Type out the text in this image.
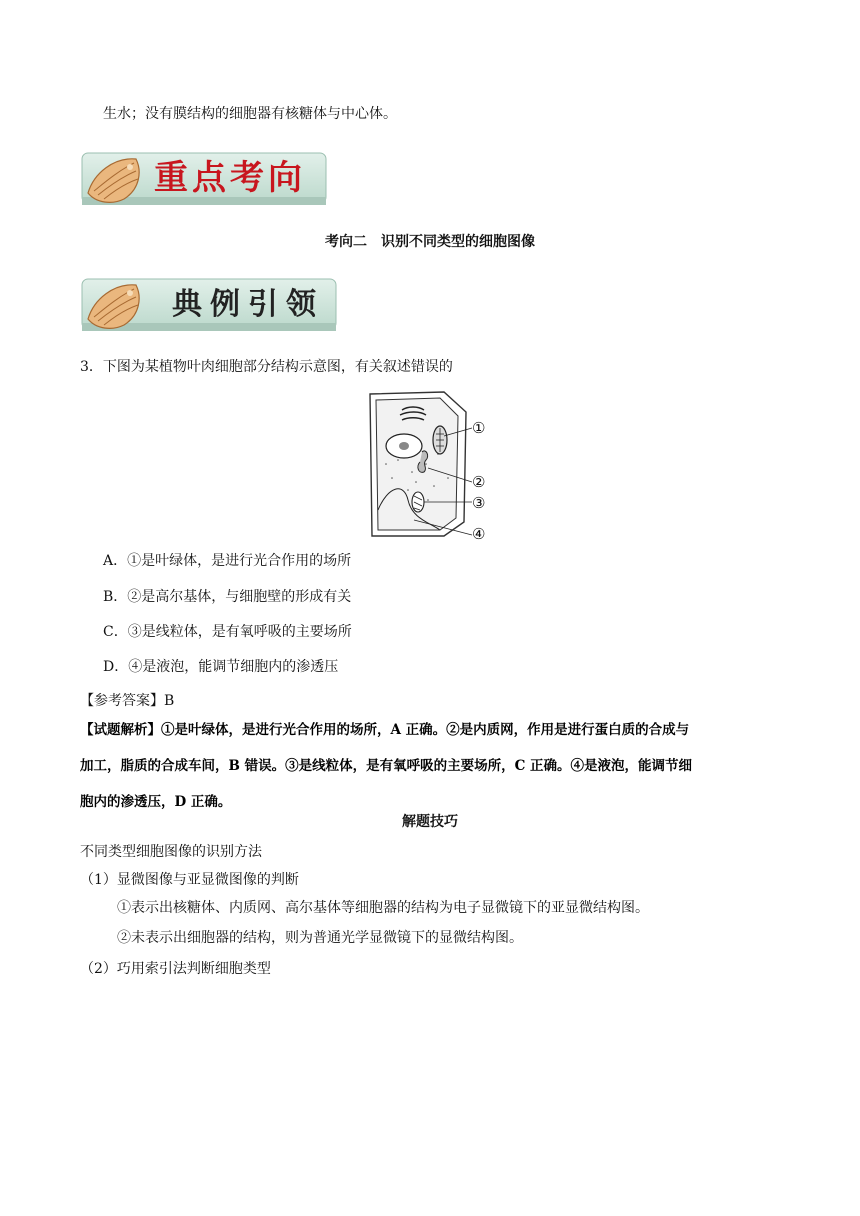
生水；没有膜结构的细胞器有核糖体与中心体。
重点考向
考向二　识别不同类型的细胞图像
典例引领
3．下图为某植物叶肉细胞部分结构示意图，有关叙述错误的
①
②
③
④
A．①是叶绿体，是进行光合作用的场所
B．②是高尔基体，与细胞壁的形成有关
C．③是线粒体，是有氧呼吸的主要场所
D．④是液泡，能调节细胞内的渗透压
【参考答案】B
【试题解析】①是叶绿体，是进行光合作用的场所，A 正确。②是内质网，作用是进行蛋白质的合成与
加工，脂质的合成车间，B 错误。③是线粒体，是有氧呼吸的主要场所，C 正确。④是液泡，能调节细
胞内的渗透压，D 正确。
解题技巧
不同类型细胞图像的识别方法
（1）显微图像与亚显微图像的判断
①表示出核糖体、内质网、高尔基体等细胞器的结构为电子显微镜下的亚显微结构图。
②未表示出细胞器的结构，则为普通光学显微镜下的显微结构图。
（2）巧用索引法判断细胞类型
